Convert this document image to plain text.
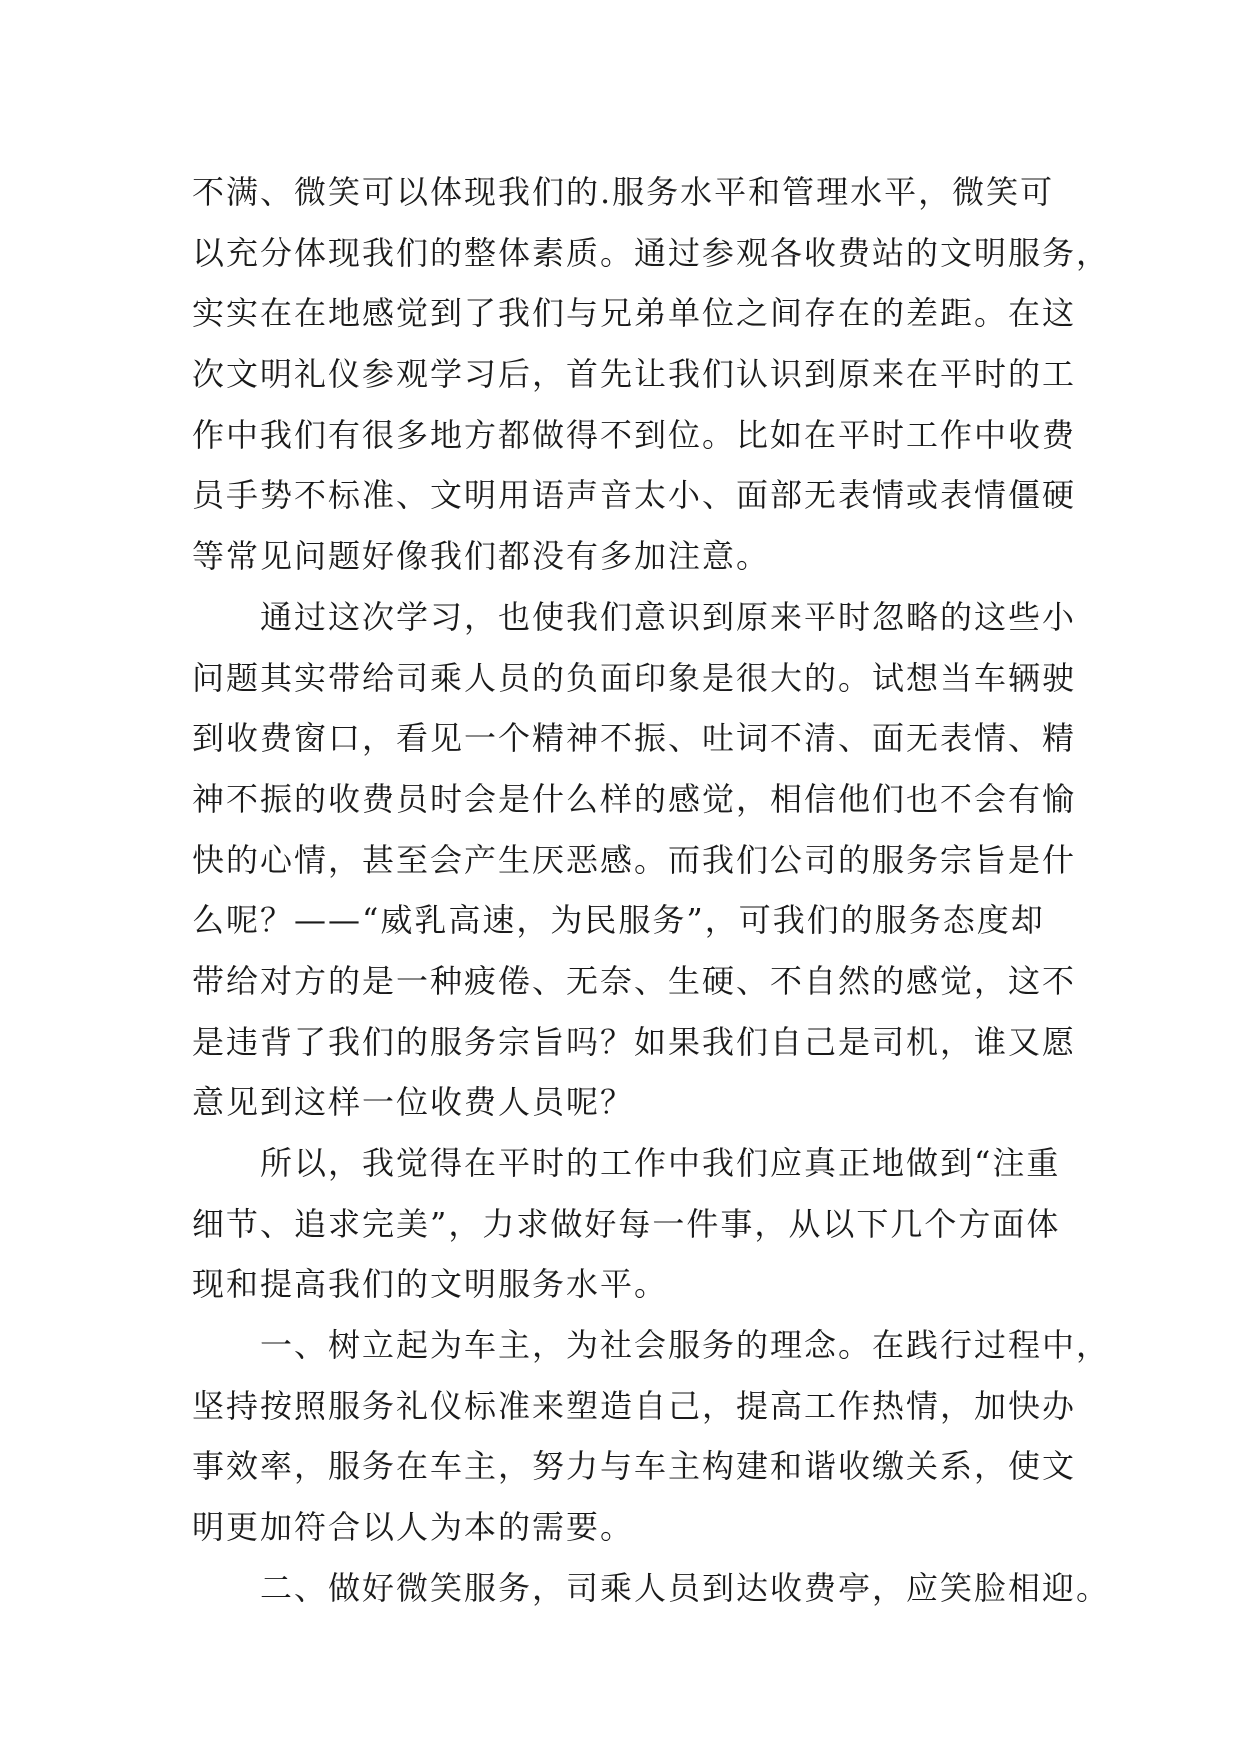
不满、微笑可以体现我们的.服务水平和管理水平，微笑可
以充分体现我们的整体素质。通过参观各收费站的文明服务，
实实在在地感觉到了我们与兄弟单位之间存在的差距。在这
次文明礼仪参观学习后，首先让我们认识到原来在平时的工
作中我们有很多地方都做得不到位。比如在平时工作中收费
员手势不标准、文明用语声音太小、面部无表情或表情僵硬
等常见问题好像我们都没有多加注意。
　　通过这次学习，也使我们意识到原来平时忽略的这些小
问题其实带给司乘人员的负面印象是很大的。试想当车辆驶
到收费窗口，看见一个精神不振、吐词不清、面无表情、精
神不振的收费员时会是什么样的感觉，相信他们也不会有愉
快的心情，甚至会产生厌恶感。而我们公司的服务宗旨是什
么呢？——“威乳高速，为民服务”，可我们的服务态度却
带给对方的是一种疲倦、无奈、生硬、不自然的感觉，这不
是违背了我们的服务宗旨吗？如果我们自己是司机，谁又愿
意见到这样一位收费人员呢？
　　所以，我觉得在平时的工作中我们应真正地做到“注重
细节、追求完美”，力求做好每一件事，从以下几个方面体
现和提高我们的文明服务水平。
　　一、树立起为车主，为社会服务的理念。在践行过程中，
坚持按照服务礼仪标准来塑造自己，提高工作热情，加快办
事效率，服务在车主，努力与车主构建和谐收缴关系，使文
明更加符合以人为本的需要。
　　二、做好微笑服务，司乘人员到达收费亭，应笑脸相迎。
